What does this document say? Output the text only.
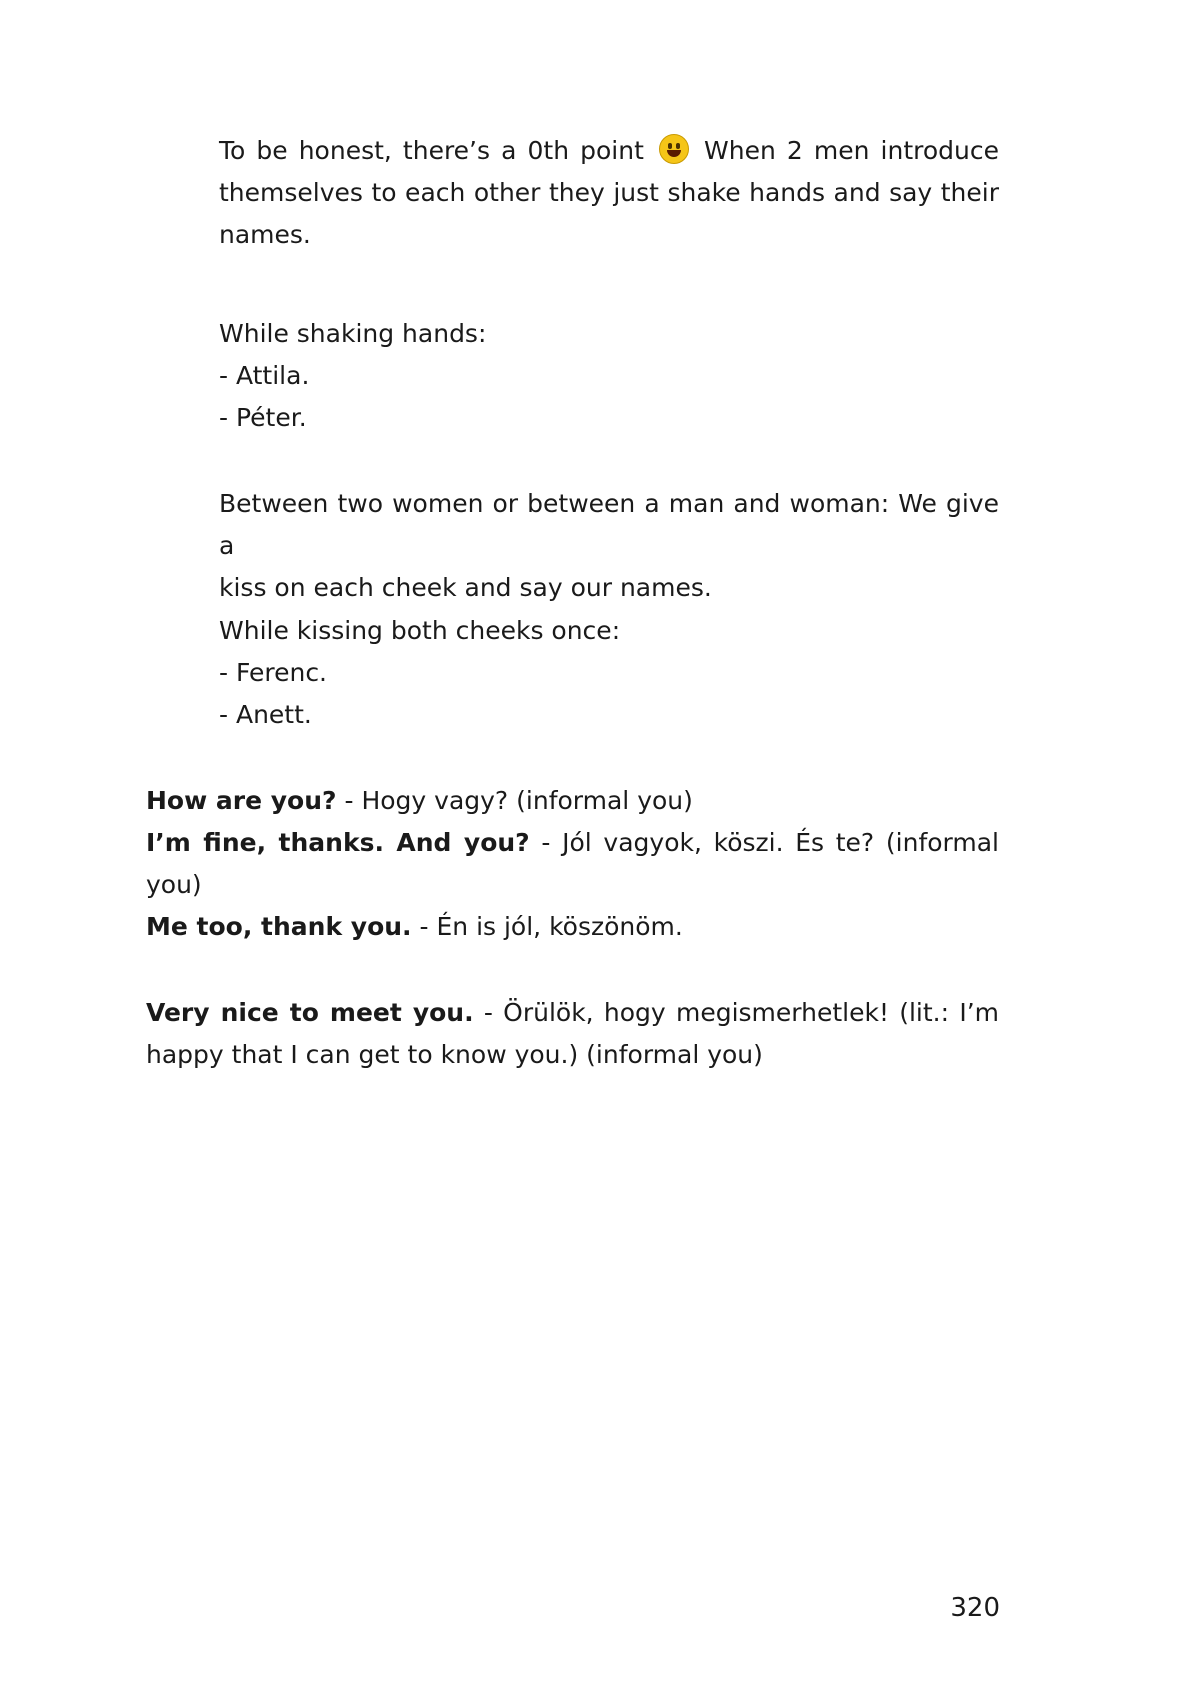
To be honest, there’s a 0th point When 2 men introduce
themselves to each other they just shake hands and say their
names.
While shaking hands:
- Attila.
- Péter.
Between two women or between a man and woman: We give a
kiss on each cheek and say our names.
While kissing both cheeks once:
- Ferenc.
- Anett.
How are you? - Hogy vagy? (informal you)
I’m fine, thanks. And you? - Jól vagyok, köszi. És te? (informal
you)
Me too, thank you. - Én is jól, köszönöm.
Very nice to meet you. - Örülök, hogy megismerhetlek! (lit.: I’m
happy that I can get to know you.) (informal you)
320
